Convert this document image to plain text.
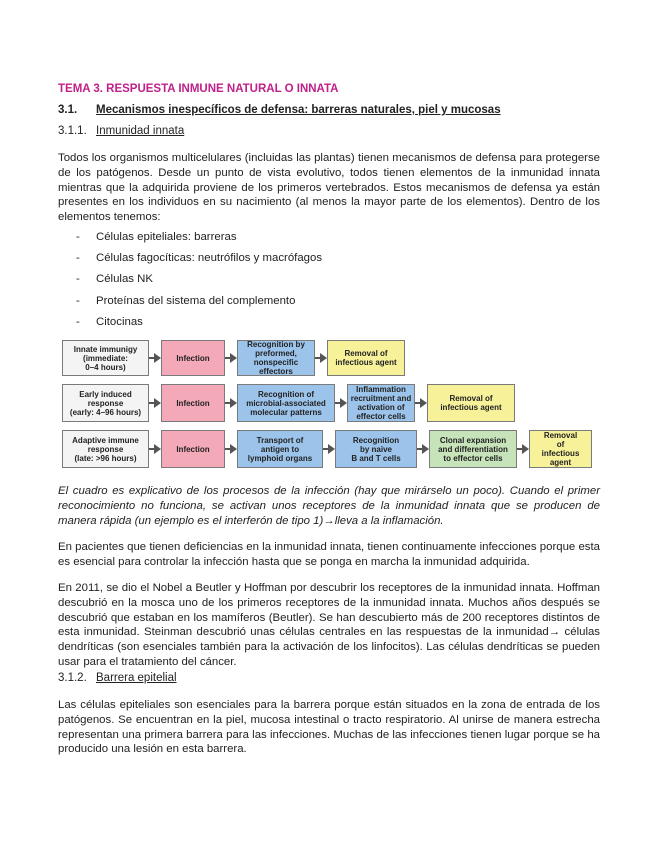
TEMA 3. RESPUESTA INMUNE NATURAL O INNATA
3.1. Mecanismos inespecíficos de defensa: barreras naturales, piel y mucosas
3.1.1. Inmunidad innata

Todos los organismos multicelulares (incluidas las plantas) tienen mecanismos de defensa para protegerse de los patógenos. Desde un punto de vista evolutivo, todos tienen elementos de la inmunidad innata mientras que la adquirida proviene de los primeros vertebrados. Estos mecanismos de defensa ya están presentes en los individuos en su nacimiento (al menos la mayor parte de los elementos). Dentro de los elementos tenemos:

- Células epiteliales: barreras
- Células fagocíticas: neutrófilos y macrófagos
- Células NK
- Proteínas del sistema del complemento
- Citocinas

El cuadro es explicativo de los procesos de la infección (hay que mirárselo un poco). Cuando el primer reconocimiento no funciona, se activan unos receptores de la inmunidad innata que se producen de manera rápida (un ejemplo es el interferón de tipo 1)→lleva a la inflamación.

En pacientes que tienen deficiencias en la inmunidad innata, tienen continuamente infecciones porque esta es esencial para controlar la infección hasta que se ponga en marcha la inmunidad adquirida.

En 2011, se dio el Nobel a Beutler y Hoffman por descubrir los receptores de la inmunidad innata. Hoffman descubrió en la mosca uno de los primeros receptores de la inmunidad innata. Muchos años después se descubrió que estaban en los mamíferos (Beutler). Se han descubierto más de 200 receptores distintos de esta inmunidad. Steinman descubrió unas células centrales en las respuestas de la inmunidad→ células dendríticas (son esenciales también para la activación de los linfocitos). Las células dendríticas se pueden usar para el tratamiento del cáncer.

3.1.2. Barrera epitelial

Las células epiteliales son esenciales para la barrera porque están situados en la zona de entrada de los patógenos. Se encuentran en la piel, mucosa intestinal o tracto respiratorio. Al unirse de manera estrecha representan una primera barrera para las infecciones. Muchas de las infecciones tienen lugar porque se ha producido una lesión en esta barrera.

Innate immunigy
(immediate:
0–4 hours)
Infection
Recognition by
preformed,
nonspecific effectors
Removal of
infectious agent
Early induced
response
(early: 4–96 hours)
Infection
Recognition of
microbial-associated
molecular patterns
Inflammation
recruitment and
activation of
effector cells
Removal of
infectious agent
Adaptive immune
response
(late: >96 hours)
Infection
Transport of
antigen to
lymphoid organs
Recognition
by naive
B and T cells
Clonal expansion
and differentiation
to effector cells
Removal
of
infectious agent
